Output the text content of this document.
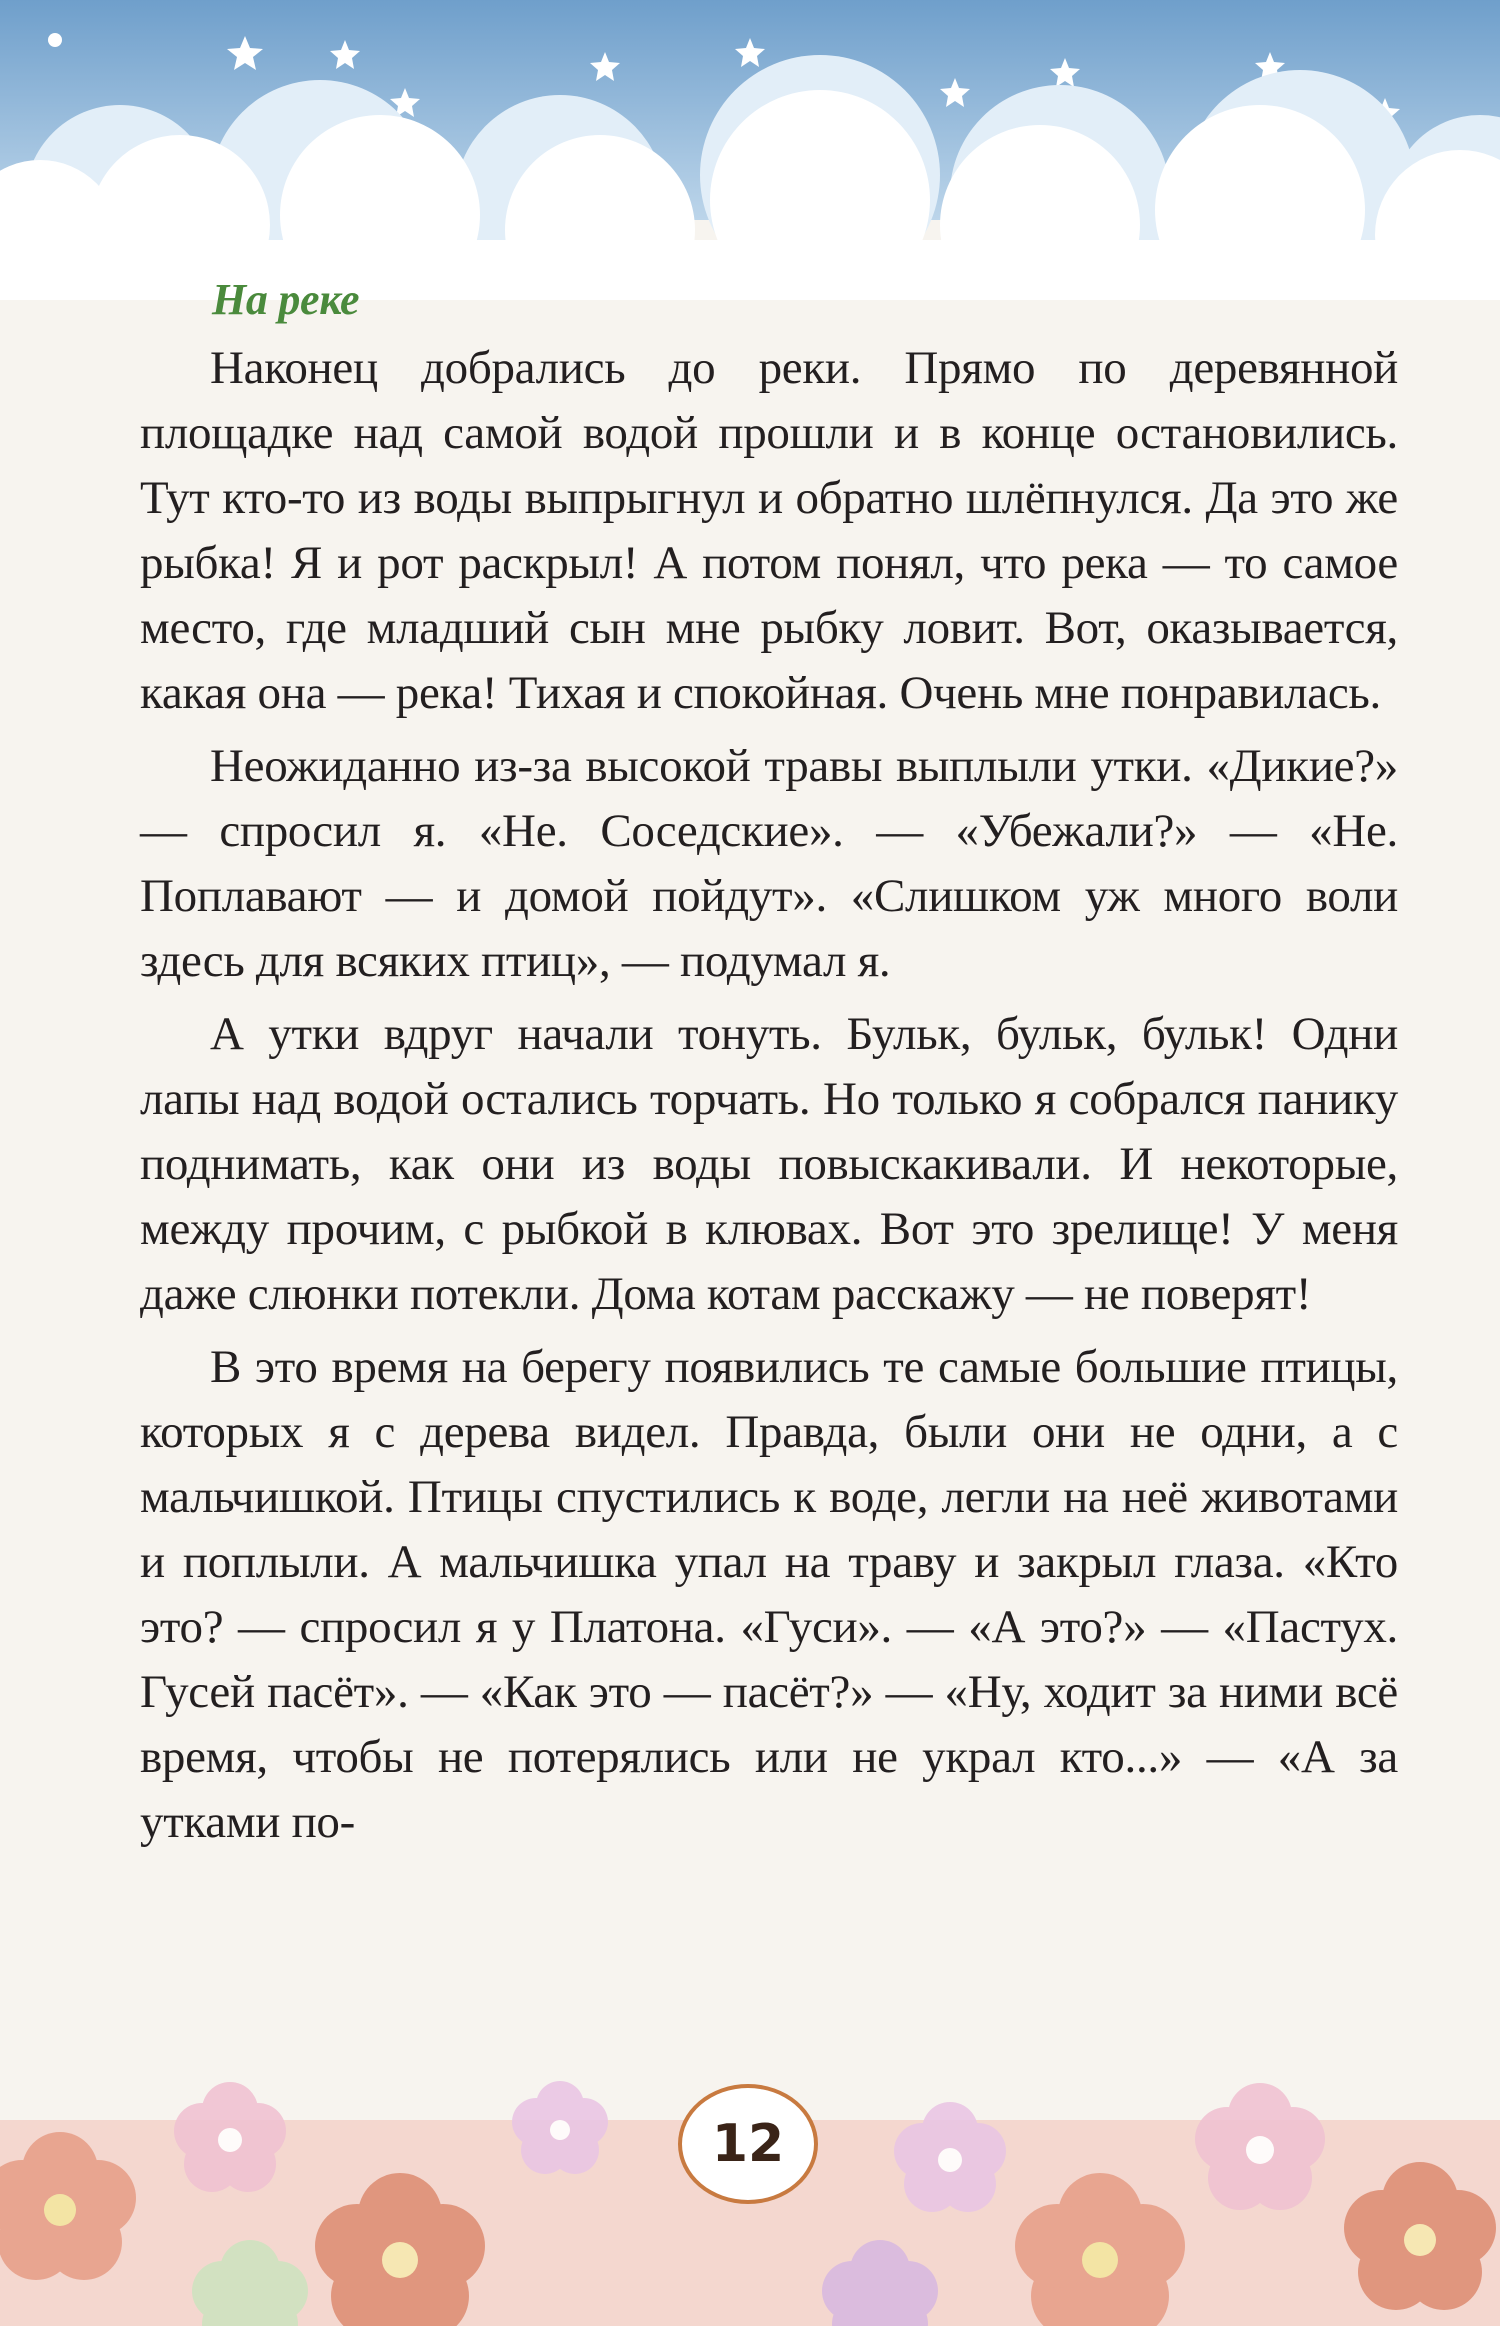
На реке

Наконец добрались до реки. Прямо по деревянной площадке над самой водой прошли и в конце остановились. Тут кто-то из воды выпрыгнул и обратно шлёпнулся. Да это же рыбка! Я и рот раскрыл! А потом понял, что река — то самое место, где младший сын мне рыбку ловит. Вот, оказывается, какая она — река! Тихая и спокойная. Очень мне понравилась.

Неожиданно из-за высокой травы выплыли утки. «Дикие?» — спросил я. «Не. Соседские». — «Убежали?» — «Не. Поплавают — и домой пойдут». «Слишком уж много воли здесь для всяких птиц», — подумал я.

А утки вдруг начали тонуть. Бульк, бульк, бульк! Одни лапы над водой остались торчать. Но только я собрался панику поднимать, как они из воды повыскакивали. И некоторые, между прочим, с рыбкой в клювах. Вот это зрелище! У меня даже слюнки потекли. Дома котам расскажу — не поверят!

В это время на берегу появились те самые большие птицы, которых я с дерева видел. Правда, были они не одни, а с мальчишкой. Птицы спустились к воде, легли на неё животами и поплыли. А мальчишка упал на траву и закрыл глаза. «Кто это? — спросил я у Платона. «Гуси». — «А это?» — «Пастух. Гусей пасёт». — «Как это — пасёт?» — «Ну, ходит за ними всё время, чтобы не потерялись или не украл кто...» — «А за утками по-

12
